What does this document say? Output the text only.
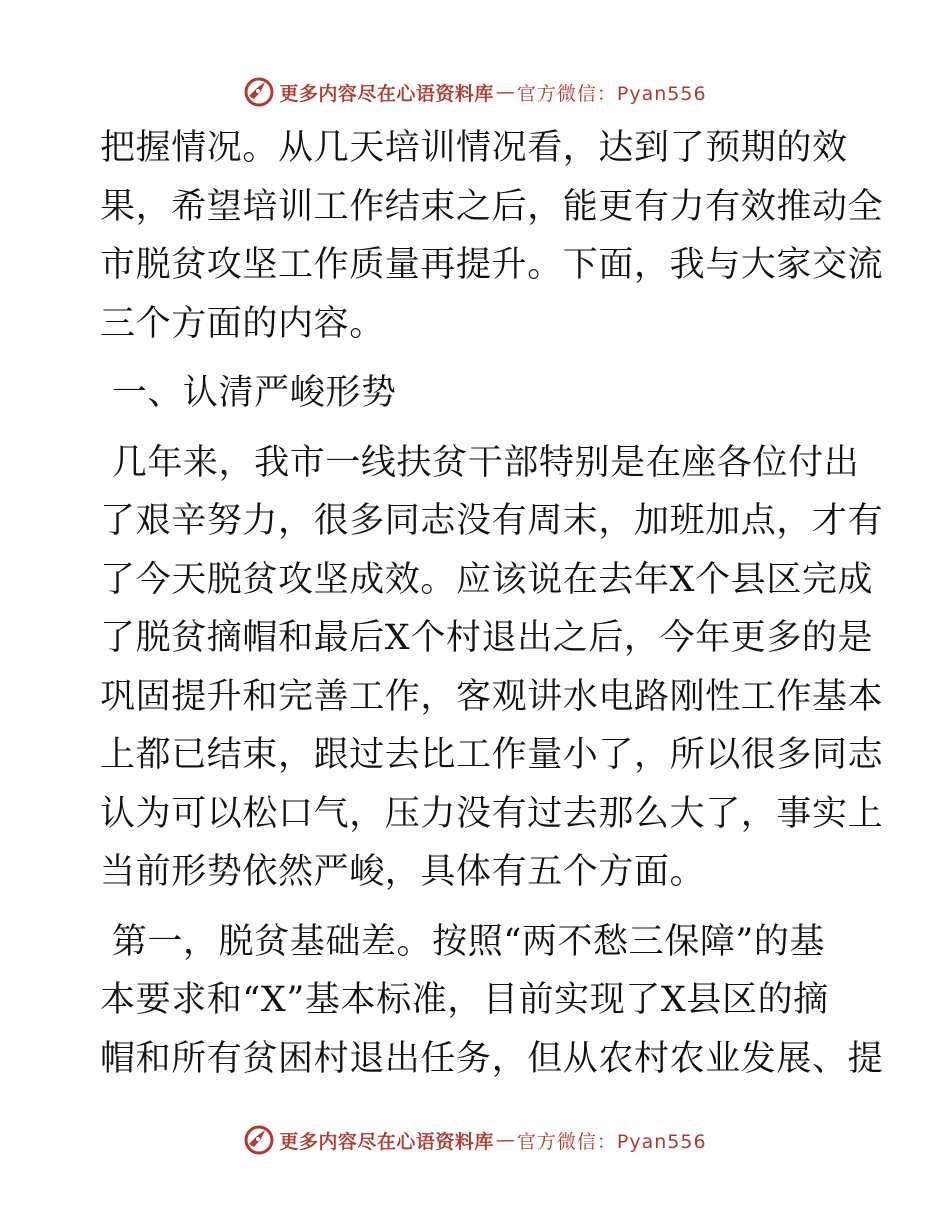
更多内容尽在心语资料库 — 官方微信：Pyan556

把握情况。从几天培训情况看，达到了预期的效

果，希望培训工作结束之后，能更有力有效推动全

市脱贫攻坚工作质量再提升。下面，我与大家交流

三个方面的内容。

一、认清严峻形势

几年来，我市一线扶贫干部特别是在座各位付出

了艰辛努力，很多同志没有周末，加班加点，才有

了今天脱贫攻坚成效。应该说在去年X个县区完成

了脱贫摘帽和最后X个村退出之后，今年更多的是

巩固提升和完善工作，客观讲水电路刚性工作基本

上都已结束，跟过去比工作量小了，所以很多同志

认为可以松口气，压力没有过去那么大了，事实上

当前形势依然严峻，具体有五个方面。

第一，脱贫基础差。按照“两不愁三保障”的基

本要求和“X”基本标准，目前实现了X县区的摘

帽和所有贫困村退出任务，但从农村农业发展、提

更多内容尽在心语资料库 — 官方微信：Pyan556
